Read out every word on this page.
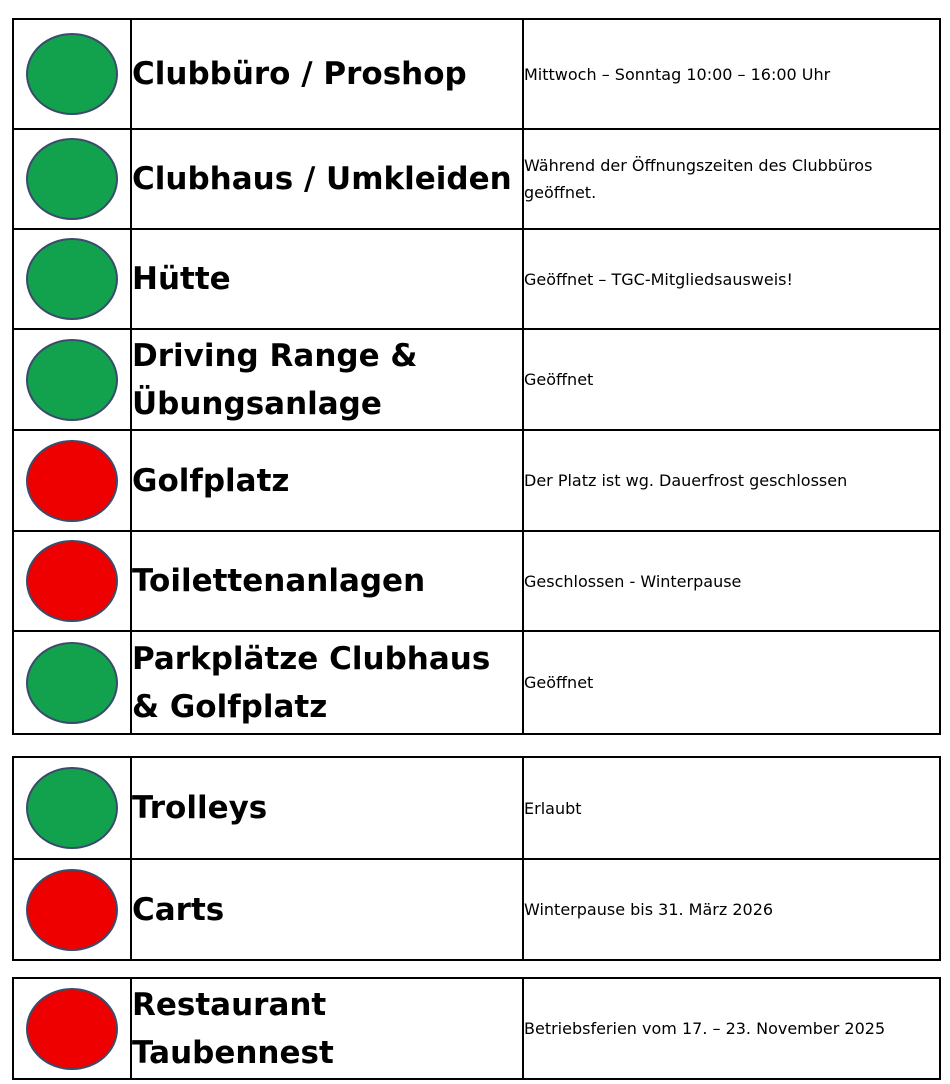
	Clubbüro / Proshop	Mittwoch – Sonntag 10:00 – 16:00 Uhr
	Clubhaus / Umkleiden	Während der Öffnungszeiten des Clubbüros geöffnet.
	Hütte	Geöffnet – TGC-Mitgliedsausweis!
	Driving Range & Übungsanlage	Geöffnet
	Golfplatz	Der Platz ist wg. Dauerfrost geschlossen
	Toilettenanlagen	Geschlossen - Winterpause
	Parkplätze Clubhaus & Golfplatz	Geöffnet
	Trolleys	Erlaubt
	Carts	Winterpause bis 31. März 2026
	Restaurant Taubennest	Betriebsferien vom 17. – 23. November 2025
